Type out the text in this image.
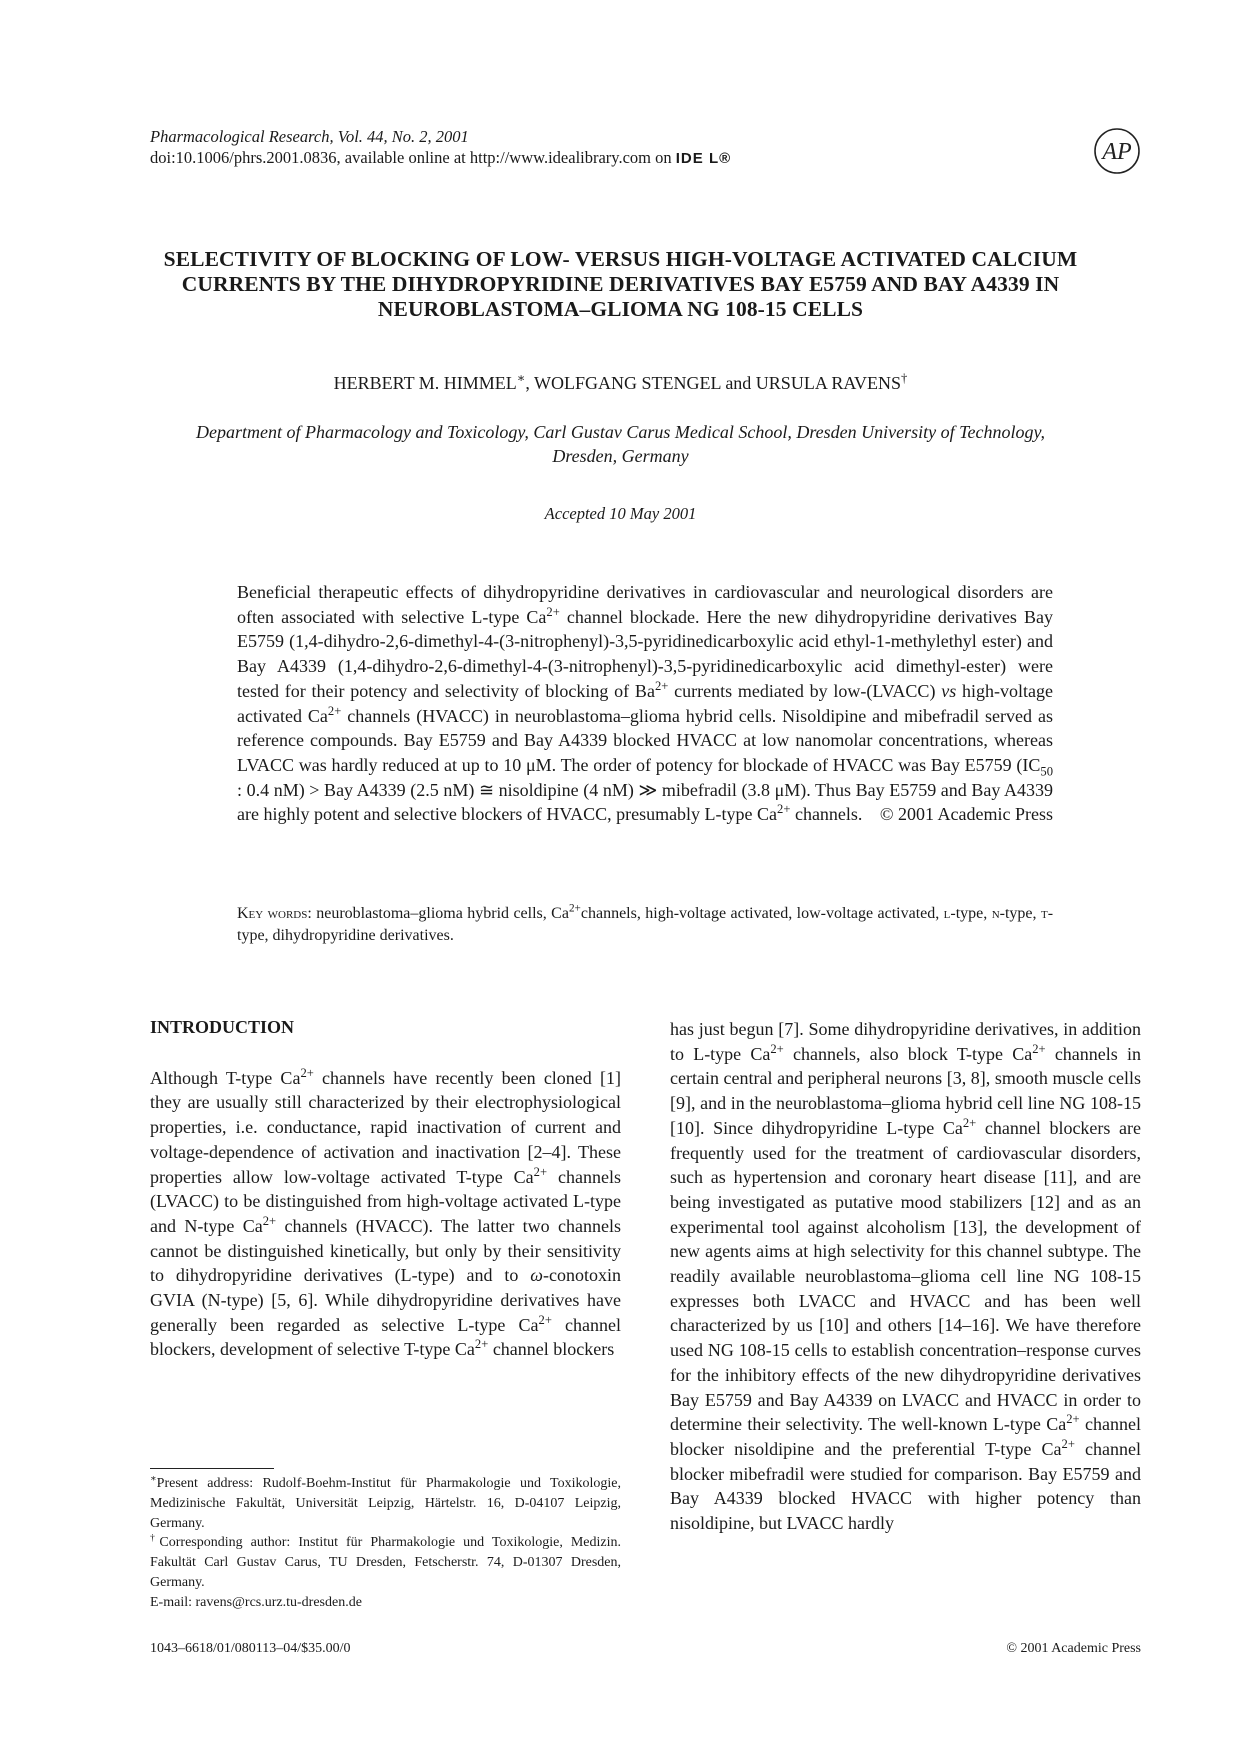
Pharmacological Research, Vol. 44, No. 2, 2001
doi:10.1006/phrs.2001.0836, available online at http://www.idealibrary.com on IDE L®	AP
SELECTIVITY OF BLOCKING OF LOW- VERSUS HIGH-VOLTAGE ACTIVATED CALCIUM CURRENTS BY THE DIHYDROPYRIDINE DERIVATIVES BAY E5759 AND BAY A4339 IN NEUROBLASTOMA–GLIOMA NG 108-15 CELLS
HERBERT M. HIMMEL∗, WOLFGANG STENGEL and URSULA RAVENS†
Department of Pharmacology and Toxicology, Carl Gustav Carus Medical School, Dresden University of Technology, Dresden, Germany
Accepted 10 May 2001
Beneficial therapeutic effects of dihydropyridine derivatives in cardiovascular and neurological disorders are often associated with selective L-type $Ca^{2+}$ channel blockade. Here the new dihydropyridine derivatives Bay E5759 (1,4-dihydro-2,6-dimethyl-4-(3-nitrophenyl)-3,5-pyridinedicarboxylic acid ethyl-1-methylethyl ester) and Bay A4339 (1,4-dihydro-2,6-dimethyl-4-(3-nitrophenyl)-3,5-pyridinedicarboxylic acid dimethyl-ester) were tested for their potency and selectivity of blocking of $Ba^{2+}$ currents mediated by low-(LVACC) vs high-voltage activated $Ca^{2+}$ channels (HVACC) in neuroblastoma–glioma hybrid cells. Nisoldipine and mibefradil served as reference compounds. Bay E5759 and Bay A4339 blocked HVACC at low nanomolar concentrations, whereas LVACC was hardly reduced at up to 10 μM. The order of potency for blockade of HVACC was Bay E5759 ($IC_{50}$ : 0.4 nM) > Bay A4339 (2.5 nM) ≅ nisoldipine (4 nM) ≫ mibefradil (3.8 μM). Thus Bay E5759 and Bay A4339 are highly potent and selective blockers of HVACC, presumably L-type $Ca^{2+}$ channels. © 2001 Academic Press
Key words: neuroblastoma–glioma hybrid cells, $Ca^{2+}channels$, high-voltage activated, low-voltage activated, l-type, n-type, t-type, dihydropyridine derivatives.
INTRODUCTION

Although T-type $Ca^{2+}$ channels have recently been cloned [1] they are usually still characterized by their electrophysiological properties, i.e. conductance, rapid inactivation of current and voltage-dependence of activation and inactivation [2–4]. These properties allow low-voltage activated T-type $Ca^{2+}$ channels (LVACC) to be distinguished from high-voltage activated L-type and N-type $Ca^{2+}$ channels (HVACC). The latter two channels cannot be distinguished kinetically, but only by their sensitivity to dihydropyridine derivatives (L-type) and to ω-conotoxin GVIA (N-type) [5, 6]. While dihydropyridine derivatives have generally been regarded as selective L-type $Ca^{2+}$ channel blockers, development of selective T-type $Ca^{2+}$ channel blockers

∗Present address: Rudolf-Boehm-Institut für Pharmakologie und Toxikologie, Medizinische Fakultät, Universität Leipzig, Härtelstr. 16, D-04107 Leipzig, Germany.
†Corresponding author: Institut für Pharmakologie und Toxikologie, Medizin. Fakultät Carl Gustav Carus, TU Dresden, Fetscherstr. 74, D-01307 Dresden, Germany.
E-mail: ravens@rcs.urz.tu-dresden.de

has just begun [7]. Some dihydropyridine derivatives, in addition to L-type $Ca^{2+}$ channels, also block T-type $Ca^{2+}$ channels in certain central and peripheral neurons [3, 8], smooth muscle cells [9], and in the neuroblastoma–glioma hybrid cell line NG 108-15 [10]. Since dihydropyridine L-type $Ca^{2+}$ channel blockers are frequently used for the treatment of cardiovascular disorders, such as hypertension and coronary heart disease [11], and are being investigated as putative mood stabilizers [12] and as an experimental tool against alcoholism [13], the development of new agents aims at high selectivity for this channel subtype. The readily available neuroblastoma–glioma cell line NG 108-15 expresses both LVACC and HVACC and has been well characterized by us [10] and others [14–16]. We have therefore used NG 108-15 cells to establish concentration–response curves for the inhibitory effects of the new dihydropyridine derivatives Bay E5759 and Bay A4339 on LVACC and HVACC in order to determine their selectivity. The well-known L-type $Ca^{2+}$ channel blocker nisoldipine and the preferential T-type $Ca^{2+}$ channel blocker mibefradil were studied for comparison. Bay E5759 and Bay A4339 blocked HVACC with higher potency than nisoldipine, but LVACC hardly

1043–6618/01/080113–04/$35.00/0	© 2001 Academic Press
